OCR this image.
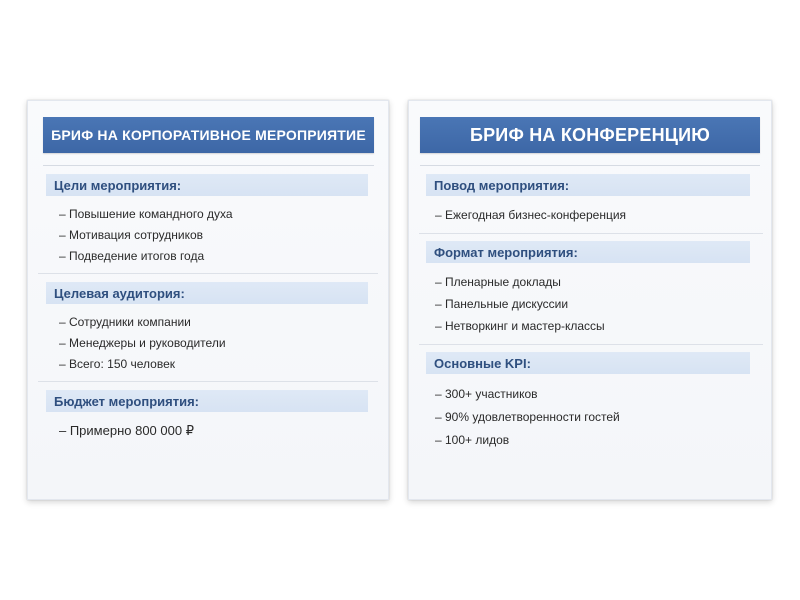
БРИФ НА КОРПОРАТИВНОЕ МЕРОПРИЯТИЕ
Цели мероприятия:
– Повышение командного духа
– Мотивация сотрудников
– Подведение итогов года
Целевая аудитория:
– Сотрудники компании
– Менеджеры и руководители
– Всего: 150 человек
Бюджет мероприятия:
– Примерно 800 000 ₽
БРИФ НА КОНФЕРЕНЦИЮ
Повод мероприятия:
– Ежегодная бизнес-конференция
Формат мероприятия:
– Пленарные доклады
– Панельные дискуссии
– Нетворкинг и мастер-классы
Основные KPI:
– 300+ участников
– 90% удовлетворенности гостей
– 100+ лидов
